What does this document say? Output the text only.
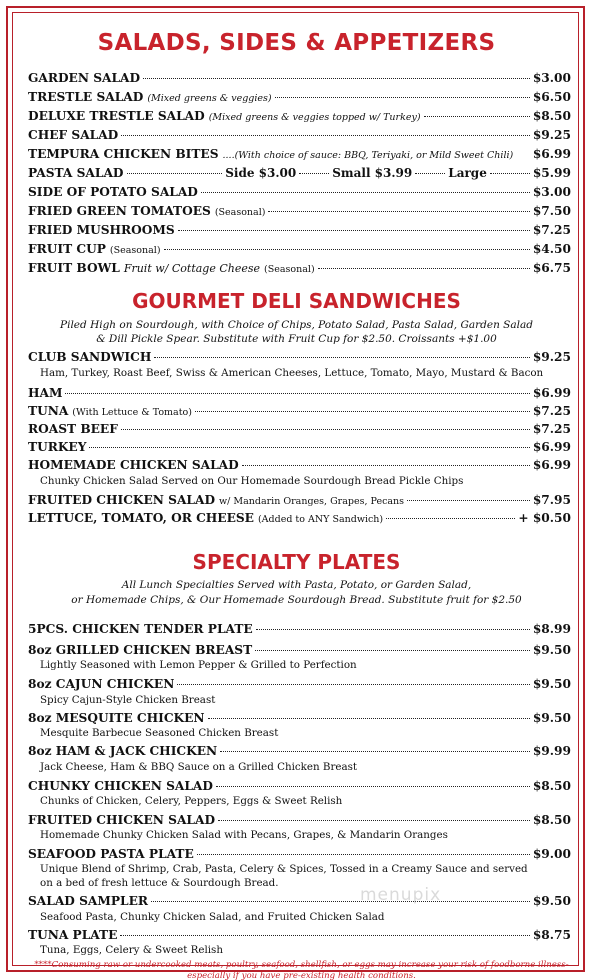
SALADS, SIDES & APPETIZERS
GARDEN SALAD	$3.00
TRESTLE SALAD (Mixed greens & veggies)	$6.50
DELUXE TRESTLE SALAD (Mixed greens & veggies topped w/ Turkey)	$8.50
CHEF SALAD	$9.25
TEMPURA CHICKEN BITES ....(With choice of sauce: BBQ, Teriyaki, or Mild Sweet Chili) $6.99
PASTA SALAD	Side $3.00	Small $3.99	Large	$5.99
SIDE OF POTATO SALAD	$3.00
FRIED GREEN TOMATOES (Seasonal)	$7.50
FRIED MUSHROOMS	$7.25
FRUIT CUP (Seasonal)	$4.50
FRUIT BOWL Fruit w/ Cottage Cheese (Seasonal)	$6.75
GOURMET DELI SANDWICHES
Piled High on Sourdough, with Choice of Chips, Potato Salad, Pasta Salad, Garden Salad
& Dill Pickle Spear. Substitute with Fruit Cup for $2.50. Croissants +$1.00
CLUB SANDWICH	$9.25
Ham, Turkey, Roast Beef, Swiss & American Cheeses, Lettuce, Tomato, Mayo, Mustard & Bacon
HAM	$6.99
TUNA (With Lettuce & Tomato)	$7.25
ROAST BEEF	$7.25
TURKEY	$6.99
HOMEMADE CHICKEN SALAD	$6.99
Chunky Chicken Salad Served on Our Homemade Sourdough Bread Pickle Chips
FRUITED CHICKEN SALAD w/ Mandarin Oranges, Grapes, Pecans	$7.95
LETTUCE, TOMATO, OR CHEESE (Added to ANY Sandwich)	+ $0.50
SPECIALTY PLATES
All Lunch Specialties Served with Pasta, Potato, or Garden Salad,
or Homemade Chips, & Our Homemade Sourdough Bread. Substitute fruit for $2.50
5PCS. CHICKEN TENDER PLATE	$8.99
8oz GRILLED CHICKEN BREAST	$9.50
Lightly Seasoned with Lemon Pepper & Grilled to Perfection
8oz CAJUN CHICKEN	$9.50
Spicy Cajun-Style Chicken Breast
8oz MESQUITE CHICKEN	$9.50
Mesquite Barbecue Seasoned Chicken Breast
8oz HAM & JACK CHICKEN	$9.99
Jack Cheese, Ham & BBQ Sauce on a Grilled Chicken Breast
CHUNKY CHICKEN SALAD	$8.50
Chunks of Chicken, Celery, Peppers, Eggs & Sweet Relish
FRUITED CHICKEN SALAD	$8.50
Homemade Chunky Chicken Salad with Pecans, Grapes, & Mandarin Oranges
SEAFOOD PASTA PLATE	$9.00
Unique Blend of Shrimp, Crab, Pasta, Celery & Spices, Tossed in a Creamy Sauce and served
on a bed of fresh lettuce & Sourdough Bread.
SALAD SAMPLER	$9.50
Seafood Pasta, Chunky Chicken Salad, and Fruited Chicken Salad
TUNA PLATE	$8.75
Tuna, Eggs, Celery & Sweet Relish
****Consuming raw or undercooked meats, poultry, seafood, shellfish, or eggs may increase your risk of foodborne illness- especially if you have pre-existing health conditions.
menupix
